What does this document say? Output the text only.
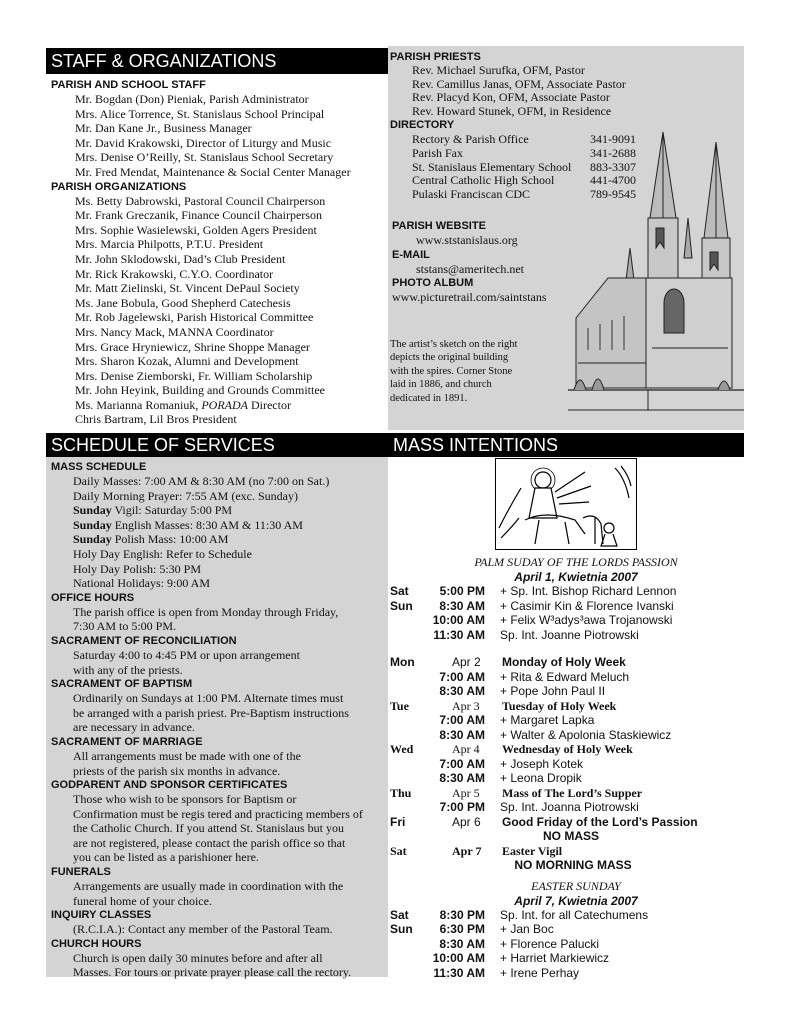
STAFF & ORGANIZATIONS
PARISH AND SCHOOL STAFF
Mr. Bogdan (Don) Pieniak, Parish Administrator
Mrs. Alice Torrence, St. Stanislaus School Principal
Mr. Dan Kane Jr., Business Manager
Mr. David Krakowski, Director of Liturgy and Music
Mrs. Denise O’Reilly, St. Stanislaus School Secretary
Mr. Fred Mendat, Maintenance & Social Center Manager
PARISH ORGANIZATIONS
Ms. Betty Dabrowski, Pastoral Council Chairperson
Mr. Frank Greczanik, Finance Council Chairperson
Mrs. Sophie Wasielewski, Golden Agers President
Mrs. Marcia Philpotts, P.T.U. President
Mr. John Sklodowski, Dad’s Club President
Mr. Rick Krakowski, C.Y.O. Coordinator
Mr. Matt Zielinski, St. Vincent DePaul Society
Ms. Jane Bobula, Good Shepherd Catechesis
Mr. Rob Jagelewski, Parish Historical Committee
Mrs. Nancy Mack, MANNA Coordinator
Mrs. Grace Hryniewicz, Shrine Shoppe Manager
Mrs. Sharon Kozak, Alumni and Development
Mrs. Denise Ziemborski, Fr. William Scholarship
Mr. John Heyink, Building and Grounds Committee
Ms. Marianna Romaniuk, PORADA Director
Chris Bartram, Lil Bros President
PARISH PRIESTS
Rev. Michael Surufka, OFM, Pastor
Rev. Camillus Janas, OFM, Associate Pastor
Rev. Placyd Kon, OFM, Associate Pastor
Rev. Howard Stunek, OFM, in Residence
DIRECTORY
Rectory & Parish Office	341-9091
Parish Fax	341-2688
St. Stanislaus Elementary School 883-3307
Central Catholic High School	441-4700
Pulaski Franciscan CDC	789-9545
PARISH WEBSITE
www.ststanislaus.org
E-MAIL
ststans@ameritech.net
PHOTO ALBUM
www.picturetrail.com/saintstans
The artist’s sketch on the right
depicts the original building
with the spires. Corner Stone
laid in 1886, and church
dedicated in 1891.
SCHEDULE OF SERVICES
MASS SCHEDULE
Daily Masses: 7:00 AM & 8:30 AM (no 7:00 on Sat.)
Daily Morning Prayer: 7:55 AM (exc. Sunday)
Sunday Vigil: Saturday 5:00 PM
Sunday English Masses: 8:30 AM & 11:30 AM
Sunday Polish Mass: 10:00 AM
Holy Day English: Refer to Schedule
Holy Day Polish: 5:30 PM
National Holidays: 9:00 AM
OFFICE HOURS
The parish office is open from Monday through Friday,
7:30 AM to 5:00 PM.
SACRAMENT OF RECONCILIATION
Saturday 4:00 to 4:45 PM or upon arrangement
with any of the priests.
SACRAMENT OF BAPTISM
Ordinarily on Sundays at 1:00 PM. Alternate times must
be arranged with a parish priest. Pre-Baptism instructions
are necessary in advance.
SACRAMENT OF MARRIAGE
All arrangements must be made with one of the
priests of the parish six months in advance.
GODPARENT AND SPONSOR CERTIFICATES
Those who wish to be sponsors for Baptism or
Confirmation must be regis tered and practicing members of
the Catholic Church. If you attend St. Stanislaus but you
are not registered, please contact the parish office so that
you can be listed as a parishioner here.
FUNERALS
Arrangements are usually made in coordination with the
funeral home of your choice.
INQUIRY CLASSES
(R.C.I.A.): Contact any member of the Pastoral Team.
CHURCH HOURS
Church is open daily 30 minutes before and after all
Masses. For tours or private prayer please call the rectory.
MASS INTENTIONS
PALM SUDAY OF THE LORDS PASSION
April 1, Kwietnia 2007
Sat	5:00 PM + Sp. Int. Bishop Richard Lennon
Sun 8:30 AM + Casimir Kin & Florence Ivanski
10:00 AM + Felix W³adys³awa Trojanowski
11:30 AM Sp. Int. Joanne Piotrowski
Mon	Apr 2 Monday of Holy Week
7:00 AM + Rita & Edward Meluch
8:30 AM + Pope John Paul II
Tue	Apr 3 Tuesday of Holy Week
7:00 AM + Margaret Lapka
8:30 AM + Walter & Apolonia Staskiewicz
Wed	Apr 4 Wednesday of Holy Week
7:00 AM + Joseph Kotek
8:30 AM + Leona Dropik
Thu	Apr 5 Mass of The Lord’s Supper
7:00 PM Sp. Int. Joanna Piotrowski
Fri	Apr 6 Good Friday of the Lord’s Passion
NO MASS
Sat	Apr 7 Easter Vigil
NO MORNING MASS
EASTER SUNDAY
April 7, Kwietnia 2007
Sat	8:30 PM Sp. Int. for all Catechumens
Sun 6:30 PM + Jan Boc
8:30 AM + Florence Palucki
10:00 AM + Harriet Markiewicz
11:30 AM + Irene Perhay
